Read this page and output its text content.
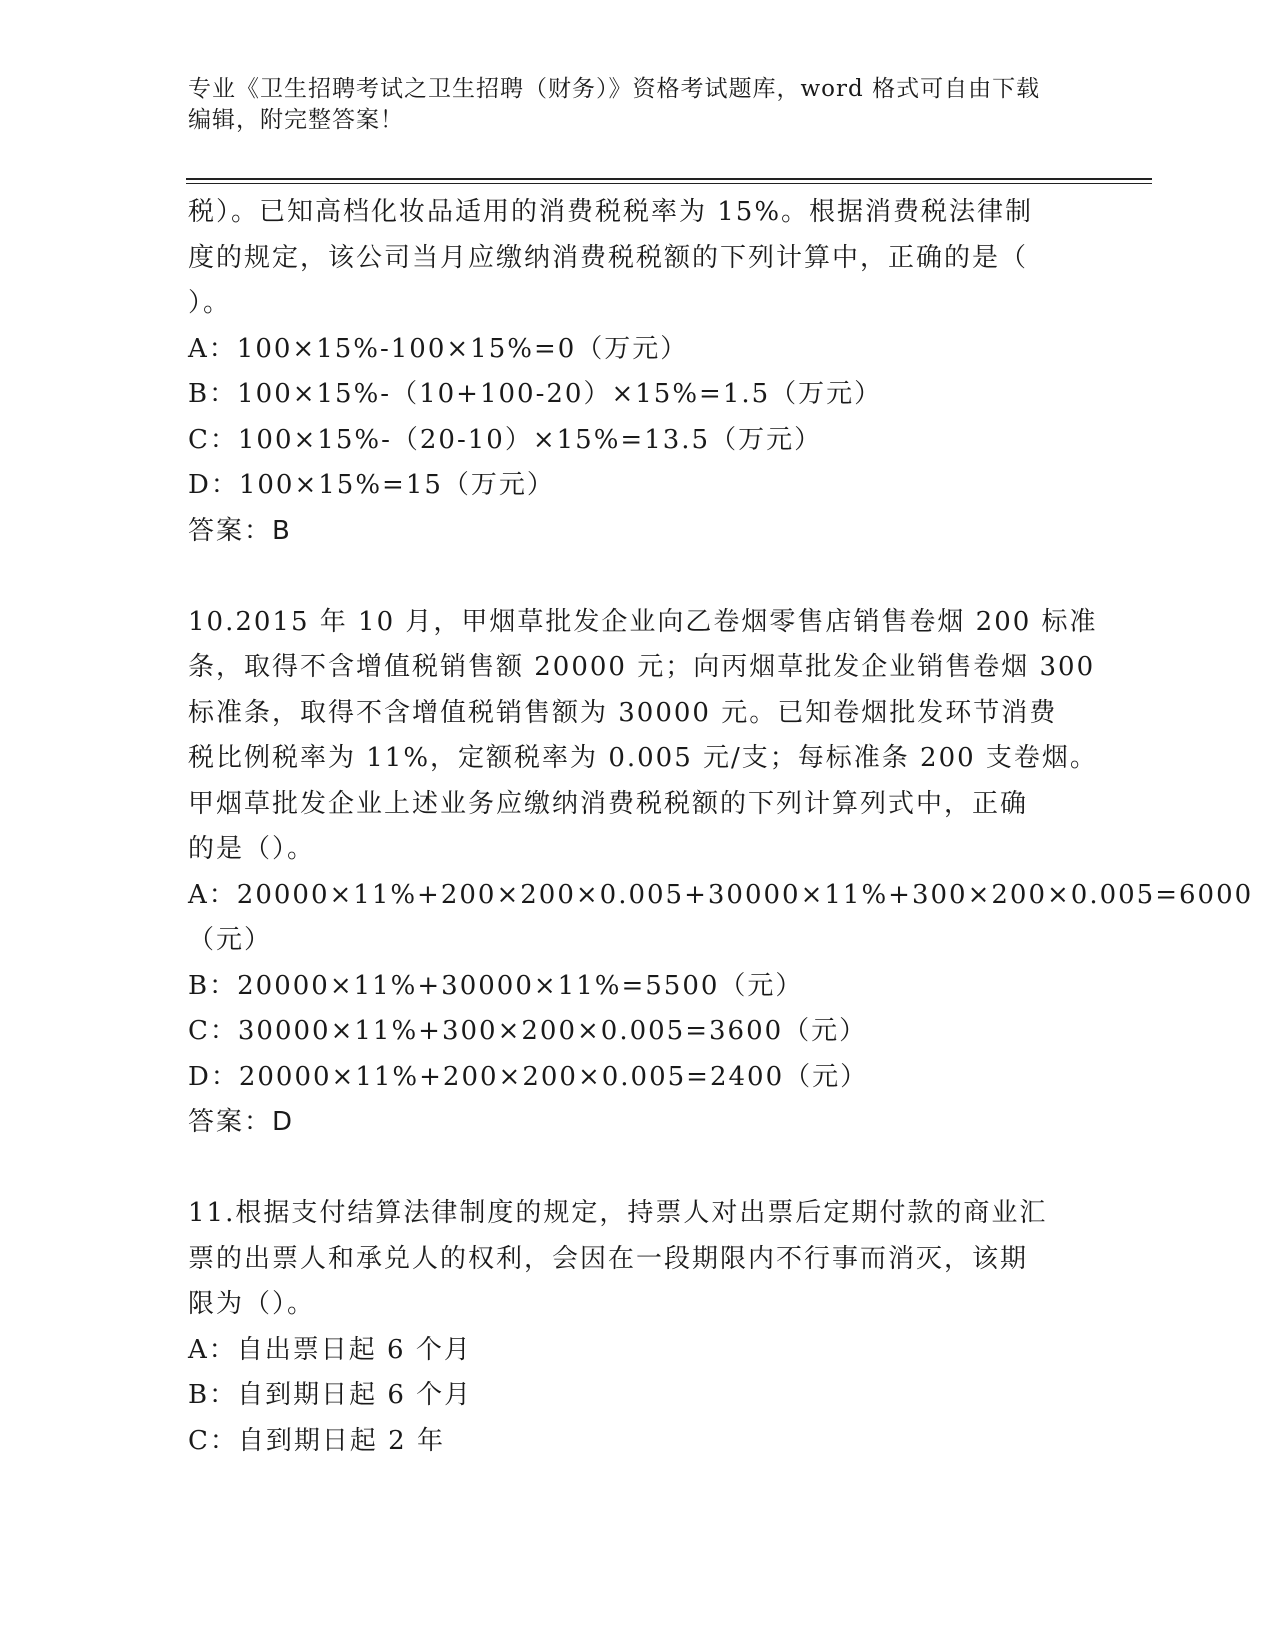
专业《卫生招聘考试之卫生招聘（财务）》资格考试题库，word 格式可自由下载
编辑，附完整答案！
税）。已知高档化妆品适用的消费税税率为 15%。根据消费税法律制
度的规定，该公司当月应缴纳消费税税额的下列计算中，正确的是（
）。
A：100×15%-100×15%=0（万元）
B：100×15%-（10+100-20）×15%=1.5（万元）
C：100×15%-（20-10）×15%=13.5（万元）
D：100×15%=15（万元）
答案：B
10.2015 年 10 月，甲烟草批发企业向乙卷烟零售店销售卷烟 200 标准
条，取得不含增值税销售额 20000 元；向丙烟草批发企业销售卷烟 300
标准条，取得不含增值税销售额为 30000 元。已知卷烟批发环节消费
税比例税率为 11%，定额税率为 0.005 元/支；每标准条 200 支卷烟。
甲烟草批发企业上述业务应缴纳消费税税额的下列计算列式中，正确
的是（）。
A：20000×11%+200×200×0.005+30000×11%+300×200×0.005=6000
（元）
B：20000×11%+30000×11%=5500（元）
C：30000×11%+300×200×0.005=3600（元）
D：20000×11%+200×200×0.005=2400（元）
答案：D
11.根据支付结算法律制度的规定，持票人对出票后定期付款的商业汇
票的出票人和承兑人的权利，会因在一段期限内不行事而消灭，该期
限为（）。
A：自出票日起 6 个月
B：自到期日起 6 个月
C：自到期日起 2 年
